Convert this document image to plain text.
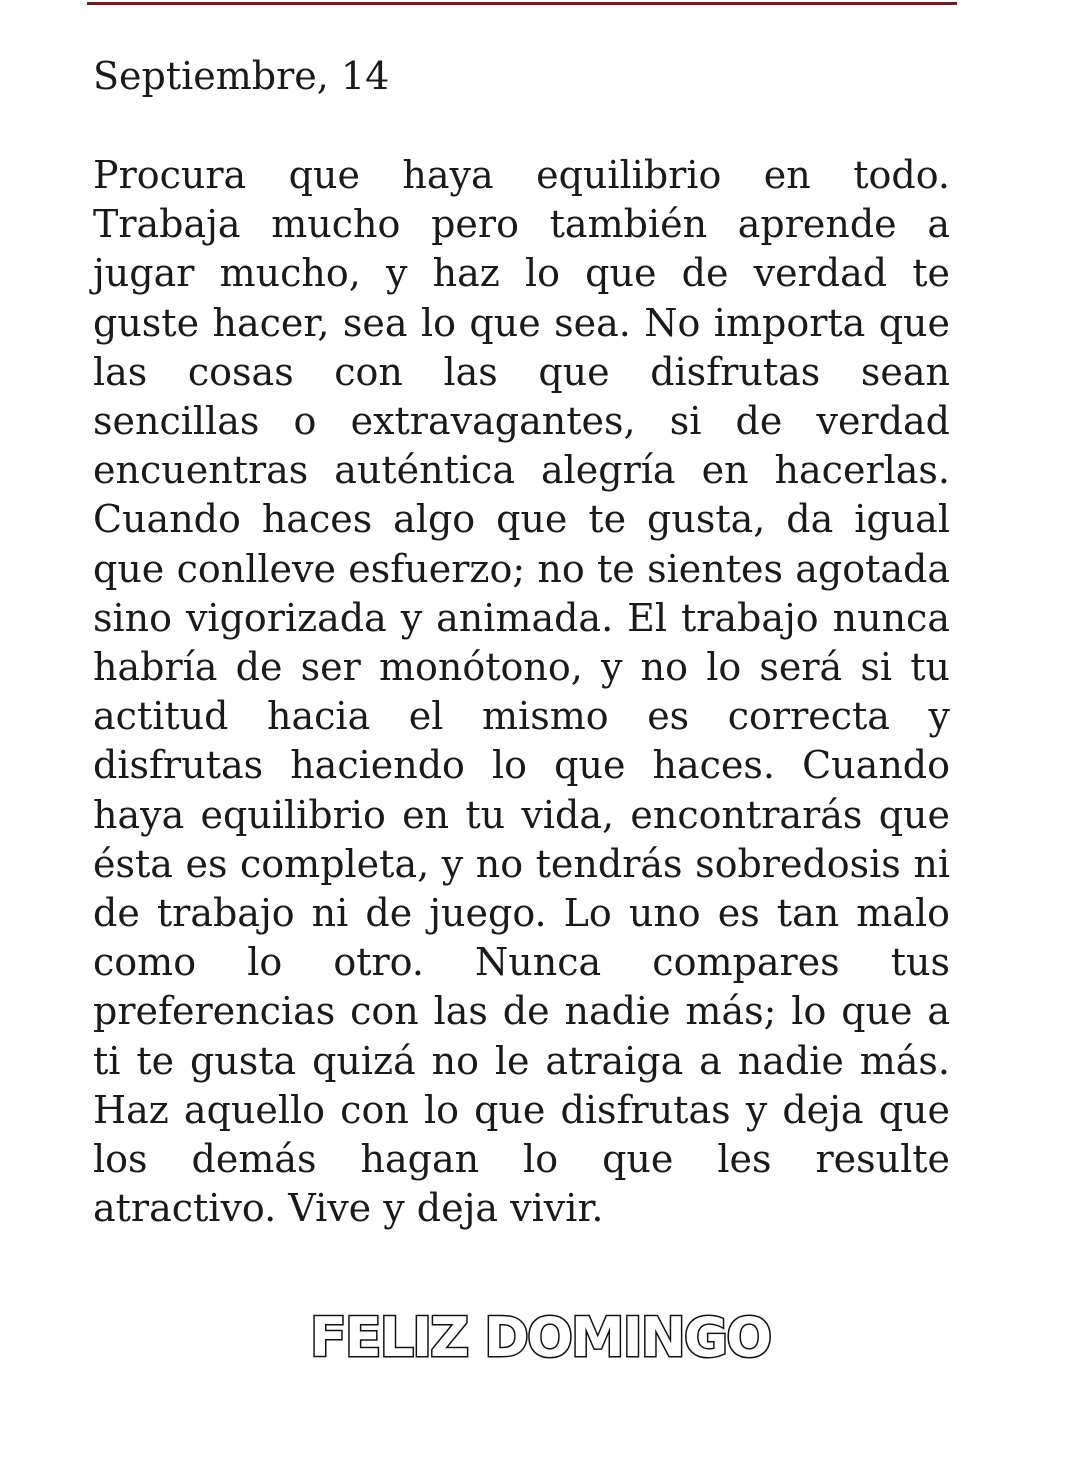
Septiembre, 14

Procura que haya equilibrio en todo. Trabaja mucho pero también aprende a jugar mucho, y haz lo que de verdad te guste hacer, sea lo que sea. No importa que las cosas con las que disfrutas sean sencillas o extravagantes, si de verdad encuentras auténtica alegría en hacerlas. Cuando haces algo que te gusta, da igual que conlleve esfuerzo; no te sientes agotada sino vigorizada y animada. El trabajo nunca habría de ser monótono, y no lo será si tu actitud hacia el mismo es correcta y disfrutas haciendo lo que haces. Cuando haya equilibrio en tu vida, encontrarás que ésta es completa, y no tendrás sobredosis ni de trabajo ni de juego. Lo uno es tan malo como lo otro. Nunca compares tus preferencias con las de nadie más; lo que a ti te gusta quizá no le atraiga a nadie más. Haz aquello con lo que disfrutas y deja que los demás hagan lo que les resulte atractivo. Vive y deja vivir.

FELIZ DOMINGO
